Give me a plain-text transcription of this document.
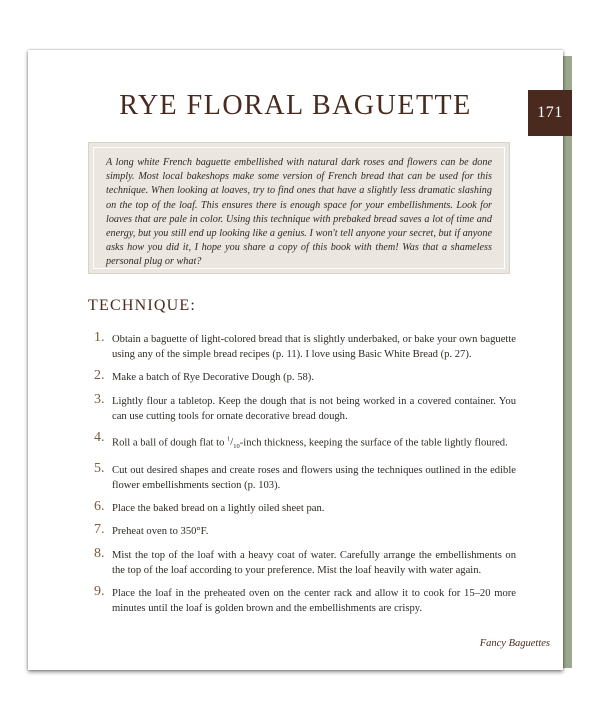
171
RYE FLORAL BAGUETTE
A long white French baguette embellished with natural dark roses and flowers can be done simply. Most local bakeshops make some version of French bread that can be used for this technique. When looking at loaves, try to find ones that have a slightly less dramatic slashing on the top of the loaf. This ensures there is enough space for your embellishments. Look for loaves that are pale in color. Using this technique with prebaked bread saves a lot of time and energy, but you still end up looking like a genius. I won't tell anyone your secret, but if anyone asks how you did it, I hope you share a copy of this book with them! Was that a shameless personal plug or what?
TECHNIQUE:
1. Obtain a baguette of light-colored bread that is slightly underbaked, or bake your own baguette using any of the simple bread recipes (p. 11). I love using Basic White Bread (p. 27).
2. Make a batch of Rye Decorative Dough (p. 58).
3. Lightly flour a tabletop. Keep the dough that is not being worked in a covered container. You can use cutting tools for ornate decorative bread dough.
4. Roll a ball of dough flat to $^1/_{10}$-inch thickness, keeping the surface of the table lightly floured.
5. Cut out desired shapes and create roses and flowers using the techniques outlined in the edible flower embellishments section (p. 103).
6. Place the baked bread on a lightly oiled sheet pan.
7. Preheat oven to 350°F.
8. Mist the top of the loaf with a heavy coat of water. Carefully arrange the embellishments on the top of the loaf according to your preference. Mist the loaf heavily with water again.
9. Place the loaf in the preheated oven on the center rack and allow it to cook for 15–20 more minutes until the loaf is golden brown and the embellishments are crispy.
Fancy Baguettes
